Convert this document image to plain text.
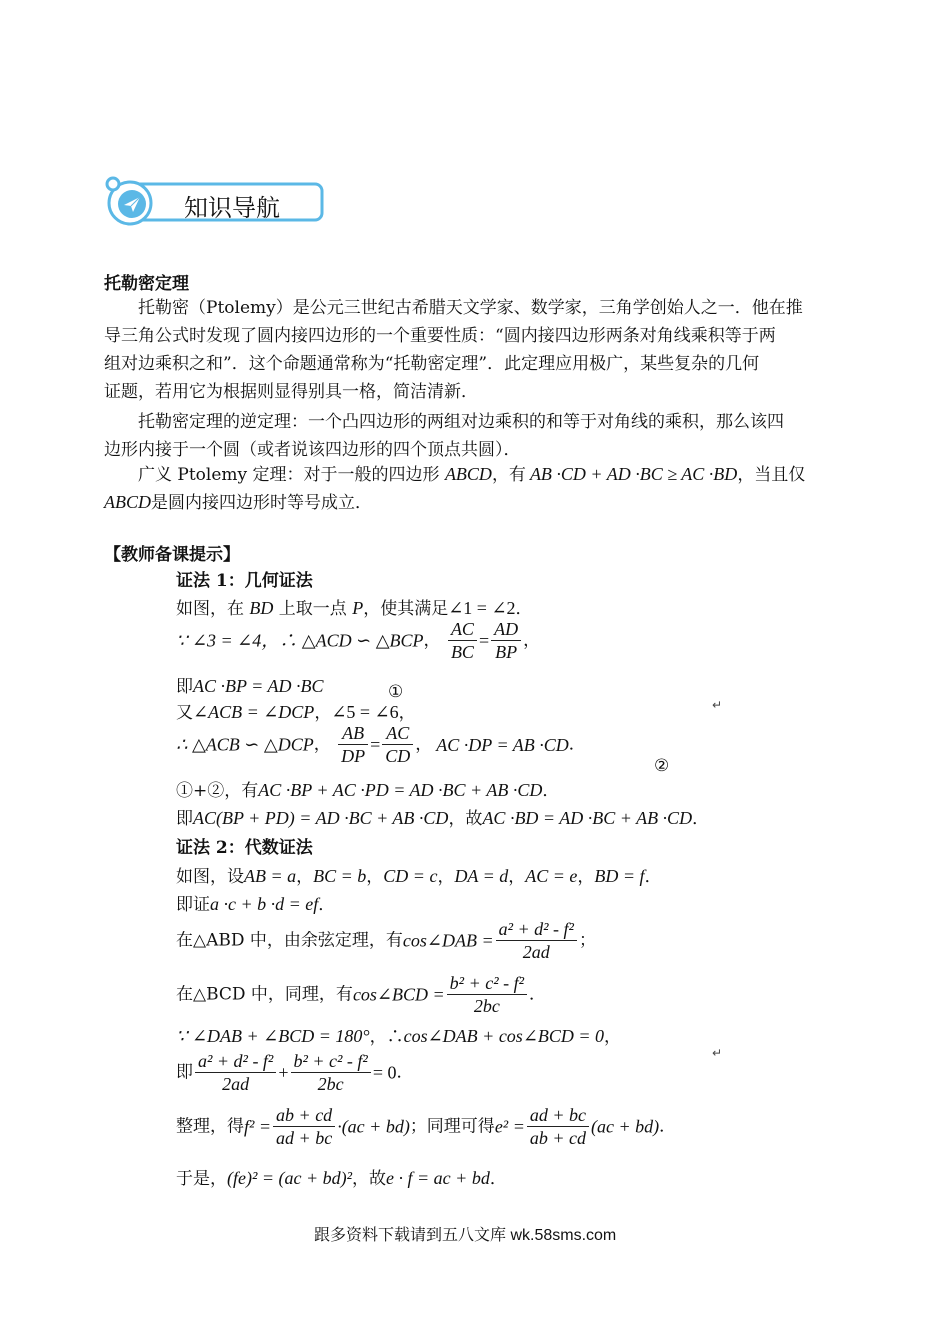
知识导航
托勒密定理
托勒密（Ptolemy）是公元三世纪古希腊天文学家、数学家，三角学创始人之一．他在推
导三角公式时发现了圆内接四边形的一个重要性质：“圆内接四边形两条对角线乘积等于两
组对边乘积之和”．这个命题通常称为“托勒密定理”．此定理应用极广，某些复杂的几何
证题，若用它为根据则显得别具一格，简洁清新．
托勒密定理的逆定理：一个凸四边形的两组对边乘积的和等于对角线的乘积，那么该四
边形内接于一个圆（或者说该四边形的四个顶点共圆）．
广义 Ptolemy 定理：对于一般的四边形 ABCD，有 AB ·CD + AD ·BC ≥ AC ·BD，当且仅
ABCD是圆内接四边形时等号成立．
【教师备课提示】
证法 1：几何证法
如图，在 BD 上取一点 P，使其满足∠1 = ∠2．
∵ ∠3 = ∠4，∴ △ACD ∽ △BCP， $\frac{AC}{BC} = \frac{AD}{BP}$ ，
即AC ·BP = AD ·BC	①
又∠ACB = ∠DCP，∠5 = ∠6，	↵
∴ △ACB ∽ △DCP， $\frac{AB}{DP} = \frac{AC}{CD}$ ， AC ·DP = AB ·CD．
②
①+②，有AC ·BP + AC ·PD = AD ·BC + AB ·CD．
即AC(BP + PD) = AD ·BC + AB ·CD，故AC ·BD = AD ·BC + AB ·CD．
证法 2：代数证法
如图，设AB = a，BC = b，CD = c，DA = d，AC = e，BD = f．
即证a ·c + b ·d = ef．
在△ABD 中，由余弦定理，有cos∠DAB = $\frac{\text{a² + d² - f²}}{2ad}$ ；
在△BCD 中，同理，有cos∠BCD = $\frac{\text{b² + c² - f²}}{2bc}$ ．
∵ ∠DAB + ∠BCD = 180°，∴cos∠DAB + cos∠BCD = 0，
↵
即 $\frac{\text{a² + d² - f²}}{2ad} + \frac{\text{b² + c² - f²}}{2bc} = 0$．
整理，得$f^2 = \frac{ab + cd}{ad + bc} \cdot(ac + bd)$；同理可得$e^2 = \frac{ad + bc}{ab + cd} (ac + bd)$．
于是，(fe)² = (ac + bd)²，故e · f = ac + bd．
跟多资料下载请到五八文库 wk.58sms.com
